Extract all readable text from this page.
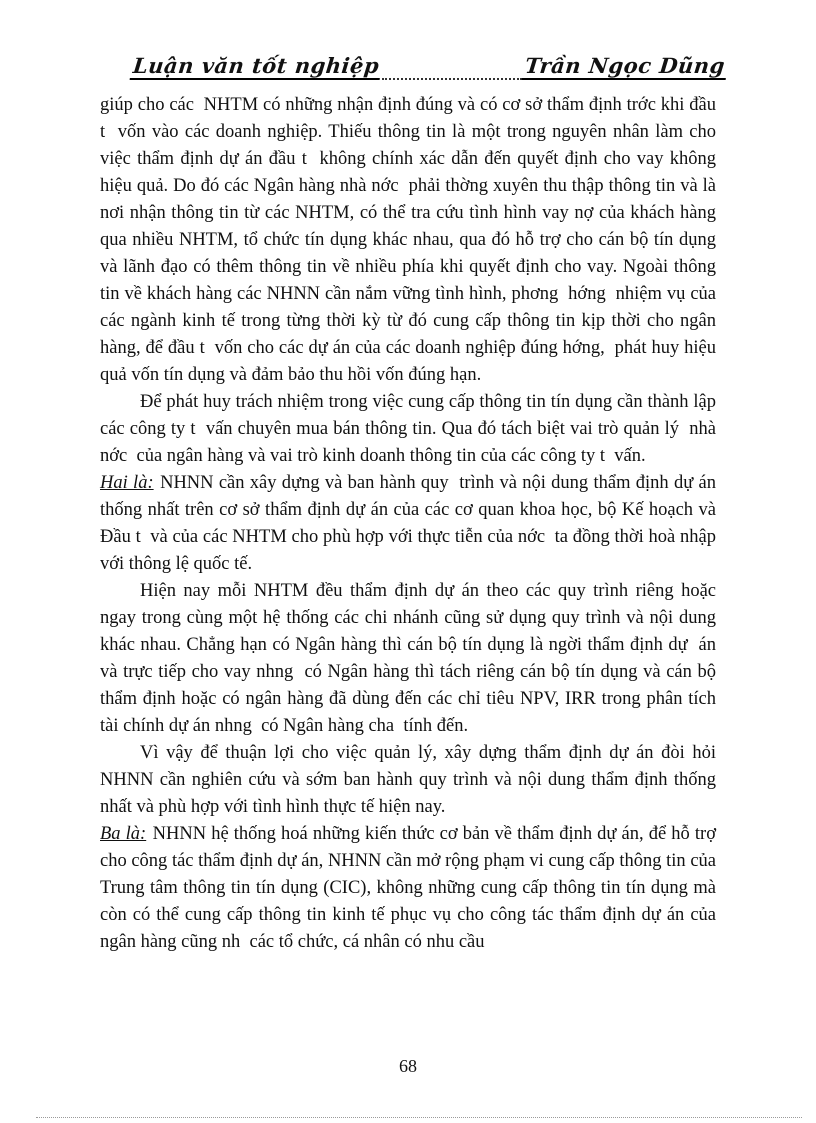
Luận văn tốt nghiệp	Trần Ngọc Dũng

giúp cho các  NHTM có những nhận định đúng và có cơ sở thẩm định trớc khi đầu t  vốn vào các doanh nghiệp. Thiếu thông tin là một trong nguyên nhân làm cho việc thẩm định dự án đầu t  không chính xác dẫn đến quyết định cho vay không hiệu quả. Do đó các Ngân hàng nhà nớc  phải thờng xuyên thu thập thông tin và là nơi nhận thông tin từ các NHTM, có thể tra cứu tình hình vay nợ của khách hàng qua nhiều NHTM, tổ chức tín dụng khác nhau, qua đó hỗ trợ cho cán bộ tín dụng và lãnh đạo có thêm thông tin về nhiều phía khi quyết định cho vay. Ngoài thông tin về khách hàng các NHNN cần nắm vững tình hình, phơng  hớng  nhiệm vụ của  các ngành kinh tế trong từng thời kỳ từ đó cung cấp thông tin kịp thời cho ngân hàng, để đầu t  vốn cho các dự án của các doanh nghiệp đúng hớng,  phát huy hiệu quả vốn tín dụng và đảm bảo thu hồi vốn đúng hạn.

Để phát huy trách nhiệm trong việc cung cấp thông tin tín dụng cần thành lập các công ty t  vấn chuyên mua bán thông tin. Qua đó tách biệt vai trò quản lý  nhà nớc  của ngân hàng và vai trò kinh doanh thông tin của các công ty t  vấn.

Hai là: NHNN cần xây dựng và ban hành quy  trình và nội dung thẩm định dự án thống nhất trên cơ sở thẩm định dự án của các cơ quan khoa học, bộ Kế hoạch và Đầu t  và của các NHTM cho phù hợp với thực tiễn của nớc  ta đồng thời hoà nhập với thông lệ quốc tế.

Hiện nay mỗi NHTM đều thẩm định dự án theo các quy trình riêng hoặc ngay trong cùng một hệ thống các chi nhánh cũng sử dụng quy trình và nội dung khác nhau. Chẳng hạn có Ngân hàng thì cán bộ tín dụng là ngời thẩm định dự  án và trực tiếp cho vay nhng  có Ngân hàng thì tách riêng cán bộ tín dụng và cán bộ thẩm định hoặc có ngân hàng đã dùng đến các chỉ tiêu NPV, IRR trong phân tích tài chính dự án nhng  có Ngân hàng cha  tính đến.

Vì vậy để thuận lợi cho việc quản lý, xây dựng thẩm định dự án đòi hỏi NHNN cần nghiên cứu và sớm ban hành quy trình và nội dung thẩm định thống nhất và phù hợp với tình hình thực tế hiện nay.

Ba là: NHNN hệ thống hoá những kiến thức cơ bản về thẩm định dự án, để hỗ trợ cho công tác thẩm định dự án, NHNN cần mở rộng phạm vi cung cấp thông tin của Trung tâm thông tin tín dụng (CIC), không những cung cấp thông tin tín dụng mà còn có thể cung cấp thông tin kinh tế phục vụ cho công tác thẩm định dự án của ngân hàng cũng nh  các tổ chức, cá nhân có nhu cầu

68
